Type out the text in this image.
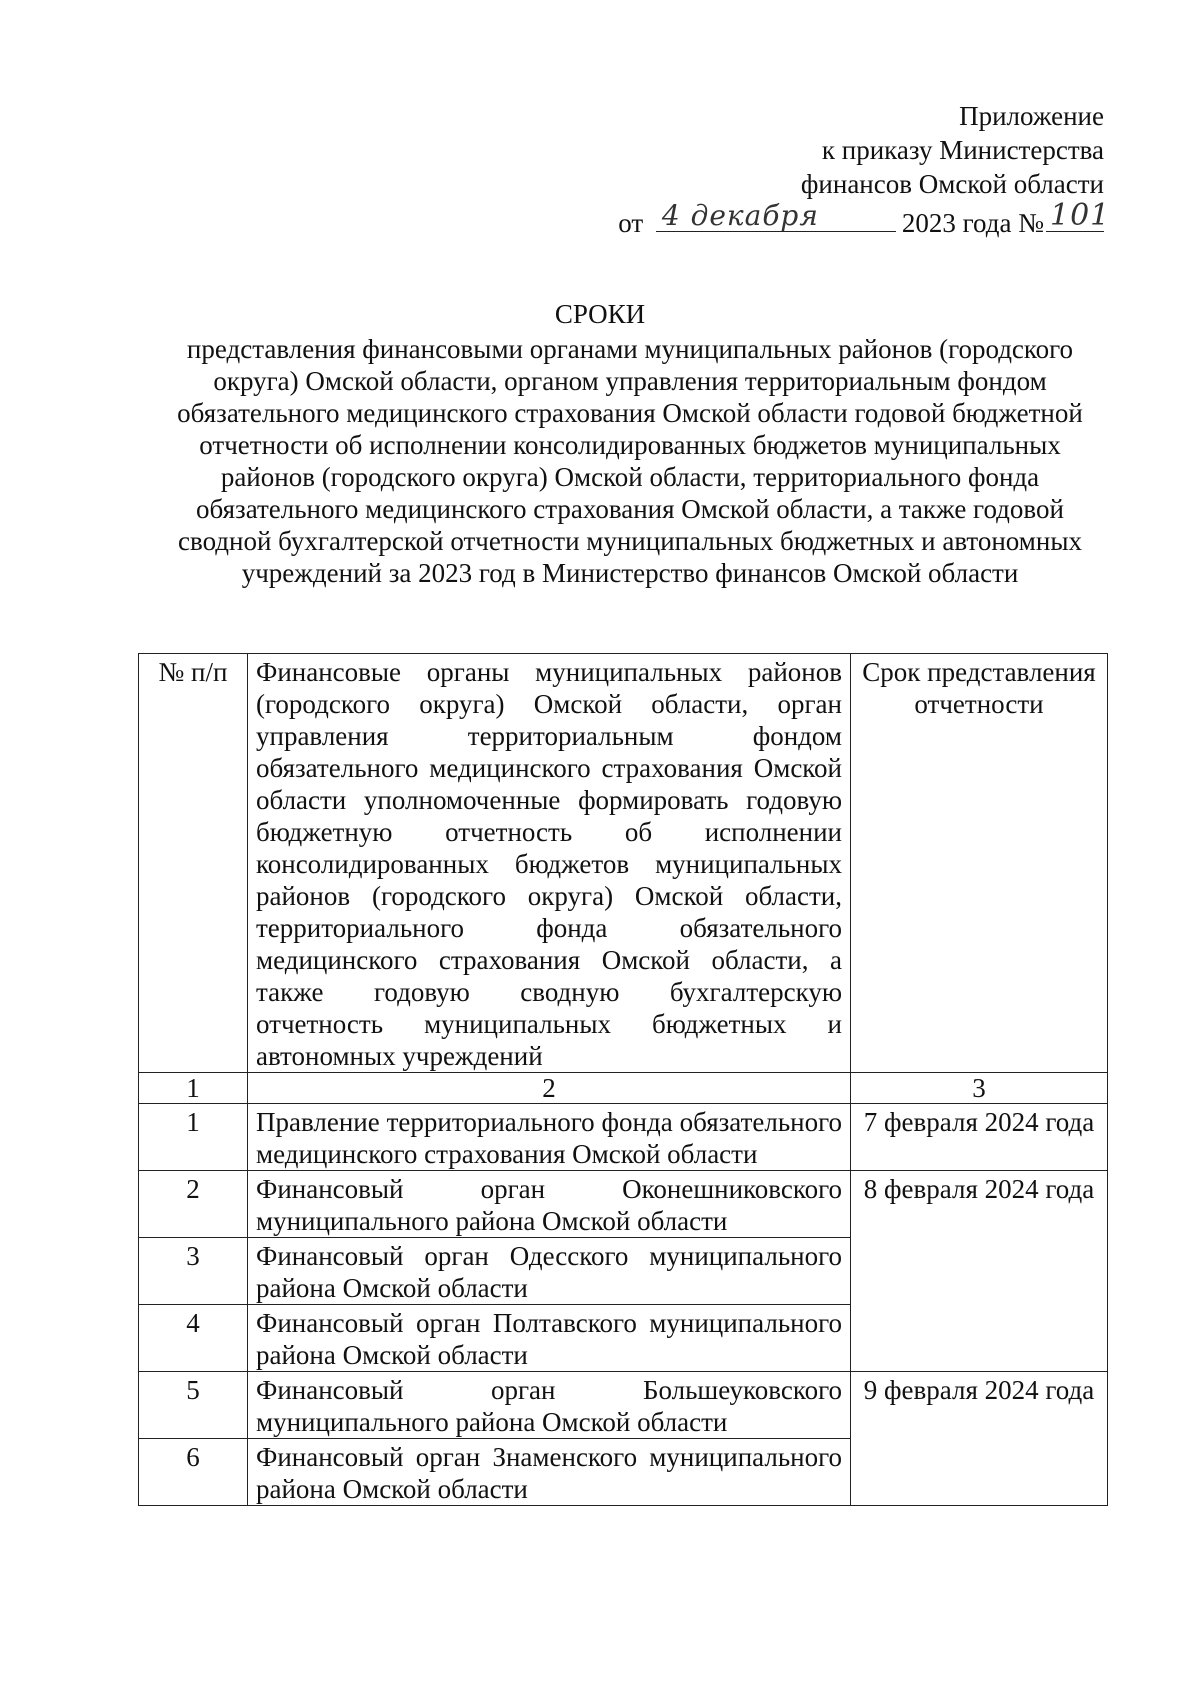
Приложение
к приказу Министерства
финансов Омской области
от 4 декабря	2023 года № 101
СРОКИ
представления финансовыми органами муниципальных районов (городского округа) Омской области, органом управления территориальным фондом обязательного медицинского страхования Омской области годовой бюджетной отчетности об исполнении консолидированных бюджетов муниципальных районов (городского округа) Омской области, территориального фонда обязательного медицинского страхования Омской области, а также годовой сводной бухгалтерской отчетности муниципальных бюджетных и автономных учреждений за 2023 год в Министерство финансов Омской области
№ п/п	Финансовые органы муниципальных районов (городского округа) Омской области, орган управления территориальным фондом обязательного медицинского страхования Омской области уполномоченные формировать годовую бюджетную отчетность об исполнении консолидированных бюджетов муниципальных районов (городского округа) Омской области, территориального фонда обязательного медицинского страхования Омской области, а также годовую сводную бухгалтерскую отчетность муниципальных бюджетных и автономных учреждений	Срок представления отчетности
1	2	3
1	Правление территориального фонда обязательного медицинского страхования Омской области	7 февраля 2024 года
2	Финансовый орган Оконешниковского муниципального района Омской области	8 февраля 2024 года
3	Финансовый орган Одесского муниципального района Омской области	
4	Финансовый орган Полтавского муниципального района Омской области	
5	Финансовый орган Большеуковского муниципального района Омской области	9 февраля 2024 года
6	Финансовый орган Знаменского муниципального района Омской области	
